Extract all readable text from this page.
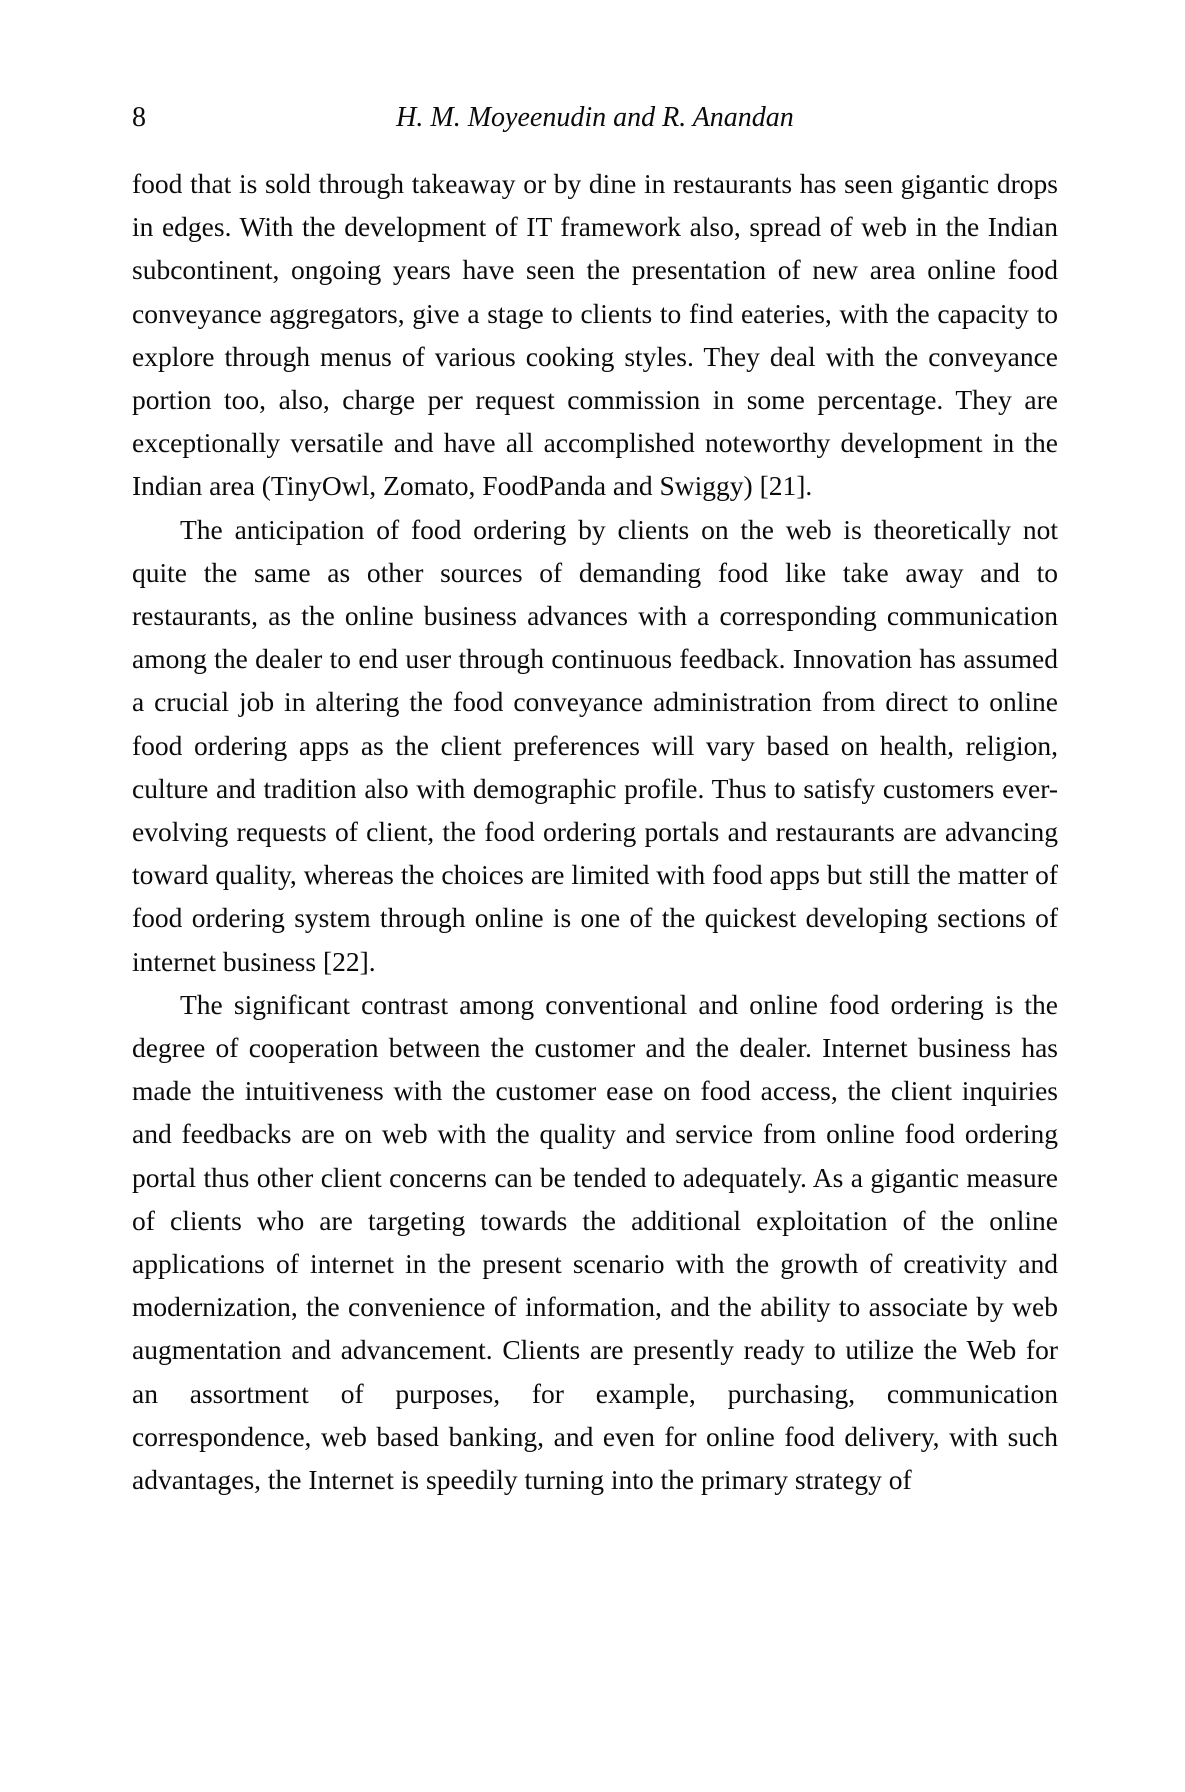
8	H. M. Moyeenudin and R. Anandan

food that is sold through takeaway or by dine in restaurants has seen gigantic drops in edges. With the development of IT framework also, spread of web in the Indian subcontinent, ongoing years have seen the presentation of new area online food conveyance aggregators, give a stage to clients to find eateries, with the capacity to explore through menus of various cooking styles. They deal with the conveyance portion too, also, charge per request commission in some percentage. They are exceptionally versatile and have all accomplished noteworthy development in the Indian area (TinyOwl, Zomato, FoodPanda and Swiggy) [21].

The anticipation of food ordering by clients on the web is theoretically not quite the same as other sources of demanding food like take away and to restaurants, as the online business advances with a corresponding communication among the dealer to end user through continuous feedback. Innovation has assumed a crucial job in altering the food conveyance administration from direct to online food ordering apps as the client preferences will vary based on health, religion, culture and tradition also with demographic profile. Thus to satisfy customers ever-evolving requests of client, the food ordering portals and restaurants are advancing toward quality, whereas the choices are limited with food apps but still the matter of food ordering system through online is one of the quickest developing sections of internet business [22].

The significant contrast among conventional and online food ordering is the degree of cooperation between the customer and the dealer. Internet business has made the intuitiveness with the customer ease on food access, the client inquiries and feedbacks are on web with the quality and service from online food ordering portal thus other client concerns can be tended to adequately. As a gigantic measure of clients who are targeting towards the additional exploitation of the online applications of internet in the present scenario with the growth of creativity and modernization, the convenience of information, and the ability to associate by web augmentation and advancement. Clients are presently ready to utilize the Web for an assortment of purposes, for example, purchasing, communication correspondence, web based banking, and even for online food delivery, with such advantages, the Internet is speedily turning into the primary strategy of
